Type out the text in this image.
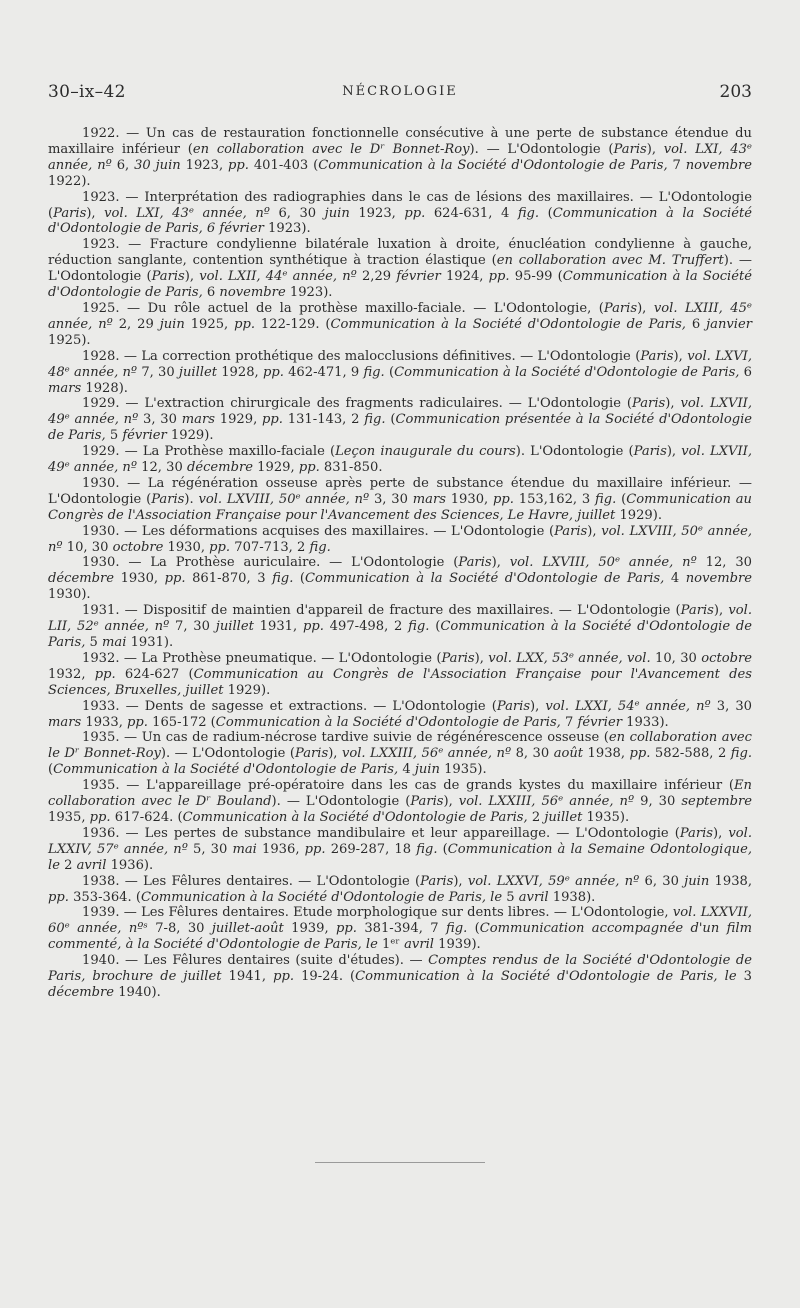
30–ix–42	NÉCROLOGIE	203

1922. — Un cas de restauration fonctionnelle consécutive à une perte de substance étendue du maxillaire inférieur (en collaboration avec le Dʳ Bonnet-Roy). — L'Odontologie (Paris), vol. LXI, 43ᵉ année, nº 6, 30 juin 1923, pp. 401-403 (Communication à la Société d'Odontologie de Paris, 7 novembre 1922).

1923. — Interprétation des radiographies dans le cas de lésions des maxillaires. — L'Odontologie (Paris), vol. LXI, 43ᵉ année, nº 6, 30 juin 1923, pp. 624-631, 4 fig. (Communication à la Société d'Odontologie de Paris, 6 février 1923).

1923. — Fracture condylienne bilatérale luxation à droite, énucléation condylienne à gauche, réduction sanglante, contention synthétique à traction élastique (en collaboration avec M. Truffert). — L'Odontologie (Paris), vol. LXII, 44ᵉ année, nº 2,29 février 1924, pp. 95-99 (Communication à la Société d'Odontologie de Paris, 6 novembre 1923).

1925. — Du rôle actuel de la prothèse maxillo-faciale. — L'Odontologie, (Paris), vol. LXIII, 45ᵉ année, nº 2, 29 juin 1925, pp. 122-129. (Communication à la Société d'Odontologie de Paris, 6 janvier 1925).

1928. — La correction prothétique des malocclusions définitives. — L'Odontologie (Paris), vol. LXVI, 48ᵉ année, nº 7, 30 juillet 1928, pp. 462-471, 9 fig. (Communication à la Société d'Odontologie de Paris, 6 mars 1928).

1929. — L'extraction chirurgicale des fragments radiculaires. — L'Odontologie (Paris), vol. LXVII, 49ᵉ année, nº 3, 30 mars 1929, pp. 131-143, 2 fig. (Communication présentée à la Société d'Odontologie de Paris, 5 février 1929).

1929. — La Prothèse maxillo-faciale (Leçon inaugurale du cours). L'Odontologie (Paris), vol. LXVII, 49ᵉ année, nº 12, 30 décembre 1929, pp. 831-850.

1930. — La régénération osseuse après perte de substance étendue du maxillaire inférieur. — L'Odontologie (Paris). vol. LXVIII, 50ᵉ année, nº 3, 30 mars 1930, pp. 153,162, 3 fig. (Communication au Congrès de l'Association Française pour l'Avancement des Sciences, Le Havre, juillet 1929).

1930. — Les déformations acquises des maxillaires. — L'Odontologie (Paris), vol. LXVIII, 50ᵉ année, nº 10, 30 octobre 1930, pp. 707-713, 2 fig.

1930. — La Prothèse auriculaire. — L'Odontologie (Paris), vol. LXVIII, 50ᵉ année, nº 12, 30 décembre 1930, pp. 861-870, 3 fig. (Communication à la Société d'Odontologie de Paris, 4 novembre 1930).

1931. — Dispositif de maintien d'appareil de fracture des maxillaires. — L'Odontologie (Paris), vol. LII, 52ᵉ année, nº 7, 30 juillet 1931, pp. 497-498, 2 fig. (Communication à la Société d'Odontologie de Paris, 5 mai 1931).

1932. — La Prothèse pneumatique. — L'Odontologie (Paris), vol. LXX, 53ᵉ année, vol. 10, 30 octobre 1932, pp. 624-627 (Communication au Congrès de l'Association Française pour l'Avancement des Sciences, Bruxelles, juillet 1929).

1933. — Dents de sagesse et extractions. — L'Odontologie (Paris), vol. LXXI, 54ᵉ année, nº 3, 30 mars 1933, pp. 165-172 (Communication à la Société d'Odontologie de Paris, 7 février 1933).

1935. — Un cas de radium-nécrose tardive suivie de régénérescence osseuse (en collaboration avec le Dʳ Bonnet-Roy). — L'Odontologie (Paris), vol. LXXIII, 56ᵉ année, nº 8, 30 août 1938, pp. 582-588, 2 fig. (Communication à la Société d'Odontologie de Paris, 4 juin 1935).

1935. — L'appareillage pré-opératoire dans les cas de grands kystes du maxillaire inférieur (En collaboration avec le Dʳ Bouland). — L'Odontologie (Paris), vol. LXXIII, 56ᵉ année, nº 9, 30 septembre 1935, pp. 617-624. (Communication à la Société d'Odontologie de Paris, 2 juillet 1935).

1936. — Les pertes de substance mandibulaire et leur appareillage. — L'Odontologie (Paris), vol. LXXIV, 57ᵉ année, nº 5, 30 mai 1936, pp. 269-287, 18 fig. (Communication à la Semaine Odontologique, le 2 avril 1936).

1938. — Les Fêlures dentaires. — L'Odontologie (Paris), vol. LXXVI, 59ᵉ année, nº 6, 30 juin 1938, pp. 353-364. (Communication à la Société d'Odontologie de Paris, le 5 avril 1938).

1939. — Les Fêlures dentaires. Etude morphologique sur dents libres. — L'Odontologie, vol. LXXVII, 60ᵉ année, nºˢ 7-8, 30 juillet-août 1939, pp. 381-394, 7 fig. (Communication accompagnée d'un film commenté, à la Société d'Odontologie de Paris, le 1ᵉʳ avril 1939).

1940. — Les Fêlures dentaires (suite d'études). — Comptes rendus de la Société d'Odontologie de Paris, brochure de juillet 1941, pp. 19-24. (Communication à la Société d'Odontologie de Paris, le 3 décembre 1940).
